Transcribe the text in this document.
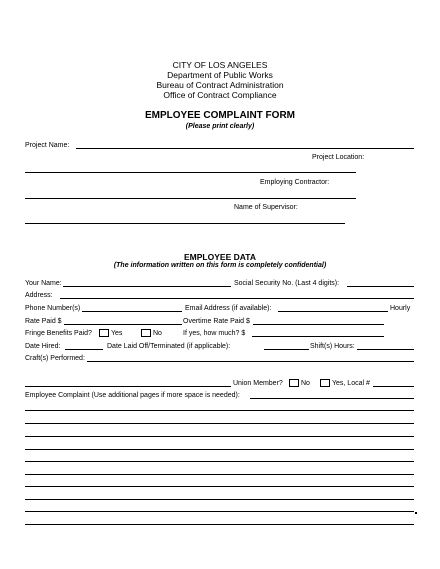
CITY OF LOS ANGELES
Department of Public Works
Bureau of Contract Administration
Office of Contract Compliance
EMPLOYEE COMPLAINT FORM
(Please print clearly)
Project Name:
Project Location:
Employing Contractor:
Name of Supervisor:
EMPLOYEE DATA
(The information written on this form is completely confidential)
Your Name:	Social Security No. (Last 4 digits):
Address:
Phone Number(s)	Email Address (if available):	Hourly
Rate Paid $	Overtime Rate Paid $
Fringe Benefits Paid?	Yes	No	If yes, how much? $
Date Hired:	Date Laid Off/Terminated (if applicable):	Shift(s) Hours:
Craft(s) Performed:
Union Member?	No	Yes, Local #
Employee Complaint (Use additional pages if more space is needed):
